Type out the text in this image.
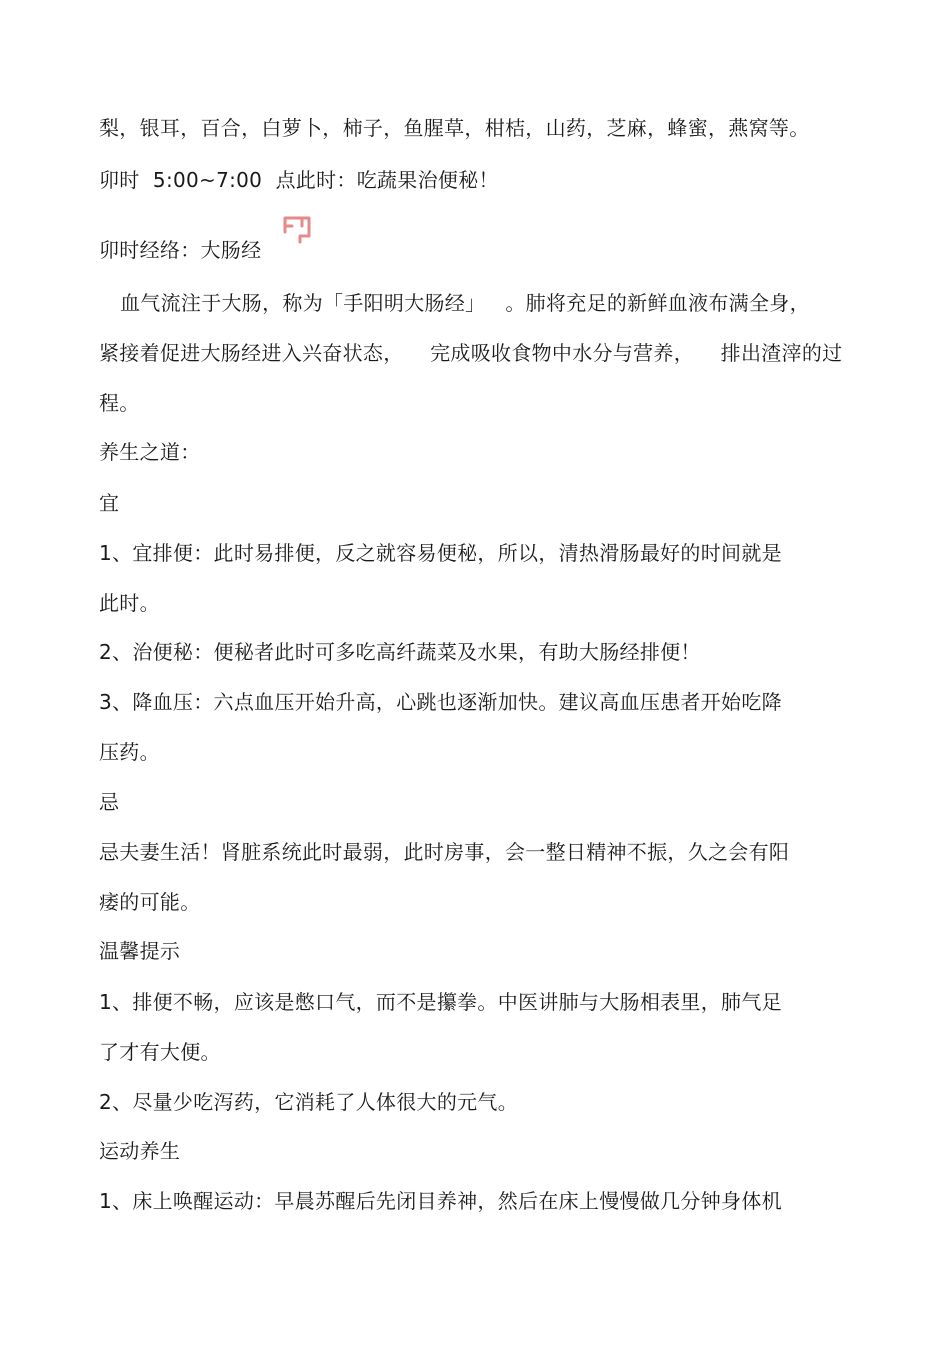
梨，银耳，百合，白萝卜，柿子，鱼腥草，柑桔，山药，芝麻，蜂蜜，燕窝等。
卯时  5:00~7:00  点此时：吃蔬果治便秘！
卯时经络：大肠经
血气流注于大肠，称为「手阳明大肠经」   。肺将充足的新鲜血液布满全身，
紧接着促进大肠经进入兴奋状态，    完成吸收食物中水分与营养，    排出渣滓的过
程。
养生之道：
宜
1、宜排便：此时易排便，反之就容易便秘，所以，清热滑肠最好的时间就是
此时。
2、治便秘：便秘者此时可多吃高纤蔬菜及水果，有助大肠经排便！
3、降血压：六点血压开始升高，心跳也逐渐加快。建议高血压患者开始吃降
压药。
忌
忌夫妻生活！肾脏系统此时最弱，此时房事，会一整日精神不振，久之会有阳
痿的可能。
温馨提示
1、排便不畅，应该是憋口气，而不是攥拳。中医讲肺与大肠相表里，肺气足
了才有大便。
2、尽量少吃泻药，它消耗了人体很大的元气。
运动养生
1、床上唤醒运动：早晨苏醒后先闭目养神，然后在床上慢慢做几分钟身体机
